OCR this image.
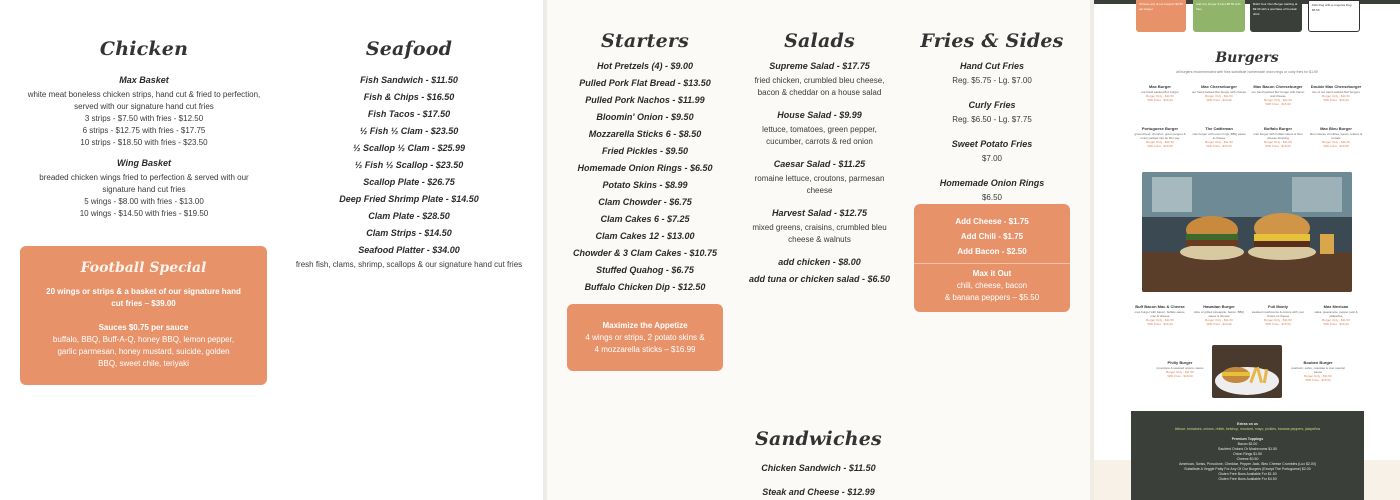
Chicken
Max Basket
white meat boneless chicken strips, hand cut & fried to perfection,
served with our signature hand cut fries
3 strips - $7.50 with fries - $12.50
6 strips - $12.75 with fries - $17.75
10 strips - $18.50 with fries - $23.50
Wing Basket
breaded chicken wings fried to perfection & served with our
signature hand cut fries
5 wings - $8.00 with fries - $13.00
10 wings - $14.50 with fries - $19.50
Football Special
20 wings or strips & a basket of our signature hand
cut fries – $39.00
Sauces $0.75 per sauce
buffalo, BBQ, Buff-A-Q, honey BBQ, lemon pepper,
garlic parmesan, honey mustard, suicide, golden
BBQ, sweet chile, teriyaki
Seafood
Fish Sandwich - $11.50
Fish & Chips - $16.50
Fish Tacos - $17.50
½ Fish ½ Clam - $23.50
½ Scallop ½ Clam - $25.99
½ Fish ½ Scallop - $23.50
Scallop Plate - $26.75
Deep Fried Shrimp Plate - $14.50
Clam Plate - $28.50
Clam Strips - $14.50
Seafood Platter - $34.00
fresh ﬁsh, clams, shrimp, scallops & our signature hand cut fries
Starters
Hot Pretzels (4) - $9.00
Pulled Pork Flat Bread - $13.50
Pulled Pork Nachos - $11.99
Bloomin' Onion - $9.50
Mozzarella Sticks 6 - $8.50
Fried Pickles - $9.50
Homemade Onion Rings - $6.50
Potato Skins - $8.99
Clam Chowder - $6.75
Clam Cakes 6 - $7.25
Clam Cakes 12 - $13.00
Chowder & 3 Clam Cakes - $10.75
Stuffed Quahog - $6.75
Buffalo Chicken Dip - $12.50
Maximize the Appetize
4 wings or strips, 2 potato skins &
4 mozzarella sticks – $16.99
Salads
Supreme Salad - $17.75
fried chicken, crumbled bleu cheese,
bacon & cheddar on a house salad
House Salad - $9.99
lettuce, tomatoes, green pepper,
cucumber, carrots & red onion
Caesar Salad - $11.25
romaine lettuce, croutons, parmesan
cheese
Harvest Salad - $12.75
mixed greens, craisins, crumbled bleu
cheese & walnuts
add chicken - $8.00
add tuna or chicken salad - $6.50
Fries & Sides
Hand Cut Fries
Reg. $5.75 - Lg. $7.00
Curly Fries
Reg. $6.50 - Lg. $7.75
Sweet Potato Fries
$7.00
Homemade Onion Rings
$6.50
Add Cheese - $1.75
Add Chili - $1.75
Add Bacon - $2.50
Max it Out
chili, cheese, bacon
& banana peppers – $5.50
Sandwiches
Chicken Sandwich - $11.50
Steak and Cheese - $12.99
Choose any of our burgers $3.50 per burger
Add any burger & fries $8.50 with fries
Build Your Own Burger starting at $9.00 with a purchase of fountain drink
Kids Dog with a Lingonia Dog $5.50
Burgers
all burgers recommended with fries substitute homemade onion rings or curly fries for $1.50
Max Burger
our hand packed 8oz burger
Burger Only - $11.50
With Fries - $16.00
Max Cheeseburger
our hand packed 8oz burger with cheese
Burger Only - $11.50
With Fries - $16.00
Max Bacon Cheeseburger
our hand packed 8oz burger with bacon and cheese
Burger Only - $11.50
With Fries - $16.00
Double Max Cheeseburger
two of our hand packed 8oz burgers
Burger Only - $11.50
With Fries - $16.00
Portuguese Burger
ground beef, chourico, green pepper & onion packed into an 8oz pay
Burger Only - $11.50
With Fries - $16.00
The Cattleman
max burger with onion rings, BBQ sauce & cheese
Burger Only - $11.50
With Fries - $16.00
Buffalo Burger
max burger with buffalo sauce & bleu cheese dressing
Burger Only - $11.50
With Fries - $16.00
Max Bleu Burger
bleu cheese crumbles, bacon, lettuce & tomato
Burger Only - $11.50
With Fries - $16.00
Buff Bacon Mac & Cheese
max burger with bacon, buffalo sauce, mac & cheese
Burger Only - $11.50
With Fries - $16.00
Hawaiian Burger
slice of grilled pineapple, bacon, BBQ sauce & cheese
Burger Only - $11.50
With Fries - $16.00
Full Monty
sautéed mushrooms & onions with your choice of cheese
Burger Only - $11.50
With Fries - $16.00
Max Mexican
salsa, guacamole, pepper jack & jalapeños
Burger Only - $11.50
With Fries - $16.00
Philly Burger
provolone & sautéed onions, sauce
Burger Only - $11.50
With Fries - $16.00
Bouben Burger
pastrami, swiss, coleslaw & max special sauce
Burger Only - $11.50
With Fries - $16.00
Extras on us
lettuce, tomatoes, onions, relish, ketchup, mustard, mayo, pickles, banana peppers, jalapeños
Premium Toppings
Bacon $2.00
Sautéed Onions Or Mushrooms $1.50
Onion Rings $1.50
Cheese $0.50
American, Swiss, Provolone, Cheddar, Pepper Jack, Bleu Cheese Crumbles (Lux $2.00)
Substitute A Veggie Patty For Any Of Our Burgers (Except The Portuguese) $2.00
Gluten Free Buns Available For $1.50
Gluten Free Buns Available For $4.50
